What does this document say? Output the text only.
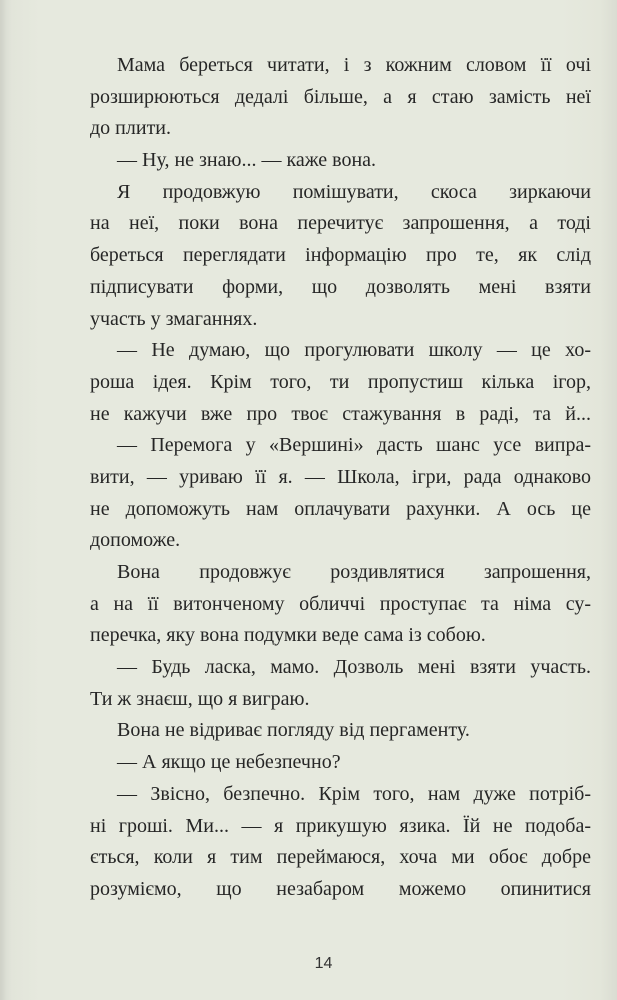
Мама береться читати, і з кожним словом її очі
розширюються дедалі більше, а я стаю замість неї
до плити.
— Ну, не знаю... — каже вона.
Я продовжую помішувати, скоса зиркаючи
на неї, поки вона перечитує запрошення, а тоді
береться переглядати інформацію про те, як слід
підписувати форми, що дозволять мені взяти
участь у змаганнях.
— Не думаю, що прогулювати школу — це хо-
роша ідея. Крім того, ти пропустиш кілька ігор,
не кажучи вже про твоє стажування в раді, та й...
— Перемога у «Вершині» дасть шанс усе випра-
вити, — уриваю її я. — Школа, ігри, рада однаково
не допоможуть нам оплачувати рахунки. А ось це
допоможе.
Вона продовжує роздивлятися запрошення,
а на її витонченому обличчі проступає та німа су-
перечка, яку вона подумки веде сама із собою.
— Будь ласка, мамо. Дозволь мені взяти участь.
Ти ж знаєш, що я виграю.
Вона не відриває погляду від пергаменту.
— А якщо це небезпечно?
— Звісно, безпечно. Крім того, нам дуже потріб-
ні гроші. Ми... — я прикушую язика. Їй не подоба-
ється, коли я тим переймаюся, хоча ми обоє добре
розуміємо, що незабаром можемо опинитися
14
